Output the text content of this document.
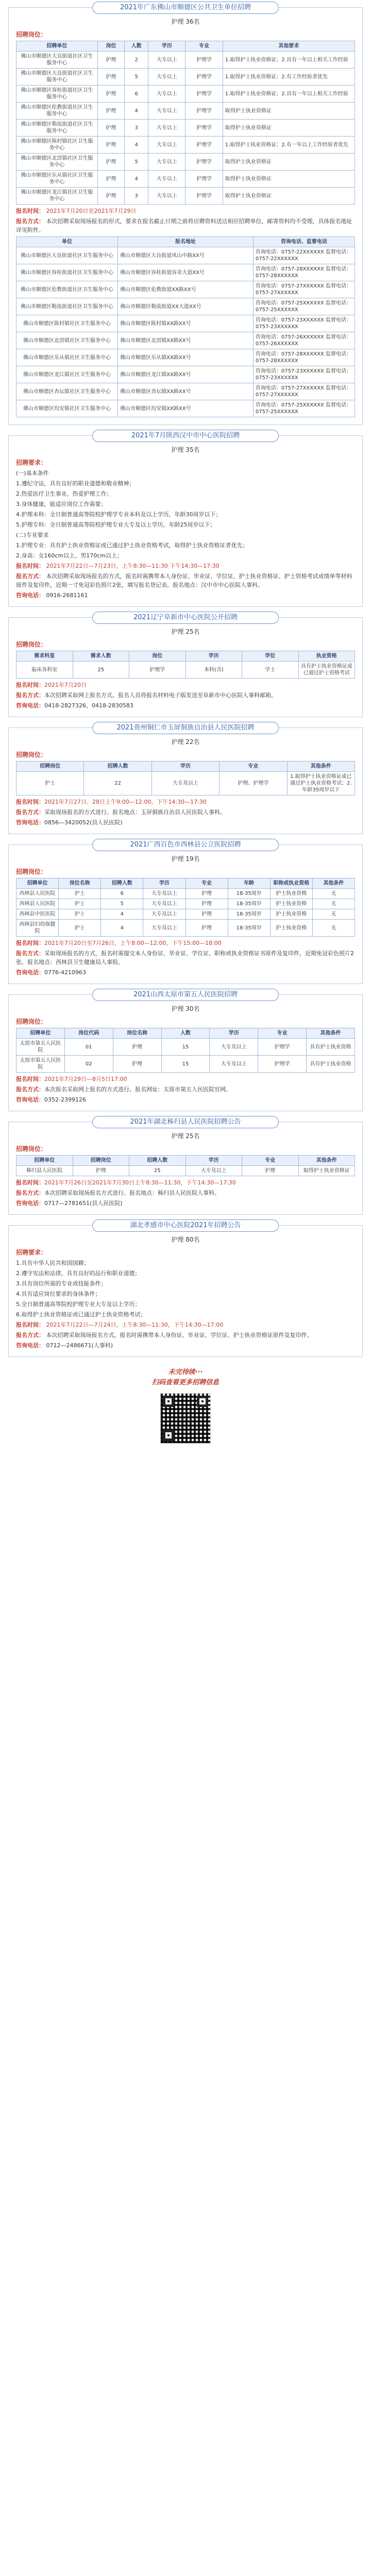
2021年广东佛山市顺德区公共卫生单位招聘
护理 36名
招聘岗位：
招聘单位	岗位	人数	学历	专业	其他要求
佛山市顺德区大良街道社区卫生服务中心	护理	2	大专以上	护理学	1.取得护士执业资格证；2.具有一年以上相关工作经验
佛山市顺德区大良街道社区卫生服务中心	护理	5	大专以上	护理学	1.取得护士执业资格证；2.有工作经验者优先
佛山市顺德区容桂街道社区卫生服务中心	护理	6	大专以上	护理学	1.取得护士执业资格证；2.具有一年以上相关工作经验
佛山市顺德区伦教街道社区卫生服务中心	护理	4	大专以上	护理学	取得护士执业资格证
佛山市顺德区勒流街道社区卫生服务中心	护理	3	大专以上	护理学	取得护士执业资格证
佛山市顺德区陈村镇社区卫生服务中心	护理	4	大专以上	护理学	1.取得护士执业资格证；2.有一年以上工作经验者优先
佛山市顺德区北滘镇社区卫生服务中心	护理	5	大专以上	护理学	取得护士执业资格证
佛山市顺德区乐从镇社区卫生服务中心	护理	4	大专以上	护理学	取得护士执业资格证
佛山市顺德区龙江镇社区卫生服务中心	护理	3	大专以上	护理学	取得护士执业资格证
报名时间： 2021年7月20日至2021年7月29日
报名方式： 本次招聘采取现场报名的形式，要求在报名截止日期之前将应聘资料送达相应招聘单位，邮寄资料均不受理，具体报名地址详见附件。
单位	报名地址	咨询电话、监督电话
佛山市顺德区大良街道社区卫生服务中心	佛山市顺德区大良街道凤山中路XX号	咨询电话：0757-22XXXXXX 监督电话：0757-22XXXXXX
佛山市顺德区容桂街道社区卫生服务中心	佛山市顺德区容桂街道容奇大道XX号	咨询电话：0757-28XXXXXX 监督电话：0757-28XXXXXX
佛山市顺德区伦教街道社区卫生服务中心	佛山市顺德区伦教街道XX路XX号	咨询电话：0757-27XXXXXX 监督电话：0757-27XXXXXX
佛山市顺德区勒流街道社区卫生服务中心	佛山市顺德区勒流街道XX大道XX号	咨询电话：0757-25XXXXXX 监督电话：0757-25XXXXXX
佛山市顺德区陈村镇社区卫生服务中心	佛山市顺德区陈村镇XX路XX号	咨询电话：0757-23XXXXXX 监督电话：0757-23XXXXXX
佛山市顺德区北滘镇社区卫生服务中心	佛山市顺德区北滘镇XX路XX号	咨询电话：0757-26XXXXXX 监督电话：0757-26XXXXXX
佛山市顺德区乐从镇社区卫生服务中心	佛山市顺德区乐从镇XX路XX号	咨询电话：0757-28XXXXXX 监督电话：0757-28XXXXXX
佛山市顺德区龙江镇社区卫生服务中心	佛山市顺德区龙江镇XX路XX号	咨询电话：0757-23XXXXXX 监督电话：0757-23XXXXXX
佛山市顺德区杏坛镇社区卫生服务中心	佛山市顺德区杏坛镇XX路XX号	咨询电话：0757-27XXXXXX 监督电话：0757-27XXXXXX
佛山市顺德区均安镇社区卫生服务中心	佛山市顺德区均安镇XX路XX号	咨询电话：0757-25XXXXXX 监督电话：0757-25XXXXXX
2021年7月陕西汉中市中心医院招聘
护理 35名
招聘要求：
(一)基本条件
1.遵纪守法，具有良好的职业道德和敬业精神；
2.热爱医疗卫生事业，热爱护理工作；
3.身体健康，能适应岗位工作需要；
4.护理本科：全日制普通高等院校护理学专业本科及以上学历，年龄30周岁以下；
5.护理专科：全日制普通高等院校护理专业大专及以上学历，年龄25周岁以下；
(二)专业要求
1.护理专业：具有护士执业资格证或已通过护士执业资格考试，取得护士执业资格证者优先；
2.身高：女160cm以上，男170cm以上；
报名时间： 2021年7月22日—7月23日，上午8:30—11:30 下午14:30—17:30
报名方式： 本次招聘采取现场报名的方式，报名时需携带本人身份证、毕业证、学位证、护士执业资格证、护士资格考试成绩单等材料原件及复印件，近期一寸免冠彩色照片2张，填写报名登记表。报名地点：汉中市中心医院人事科。
咨询电话： 0916-2681161
2021辽宁阜新市中心医院公开招聘
护理 25名
招聘岗位：
需求科室	需求人数	岗位	学历	学位	执业资格
临床各科室	25	护理学	本科(含)	学士	具有护士执业资格证或已通过护士资格考试
报名时间：2021年7月20日
报名方式：本次招聘采取网上报名方式。报名人员将报名材料电子版发送至阜新市中心医院人事科邮箱。
咨询电话：0418-2827326、0418-2830583
2021贵州铜仁市玉屏侗族自治县人民医院招聘
护理 22名
招聘岗位：
招聘岗位	招聘人数	学历	专业	其他条件
护士	22	大专及以上	护理、护理学	1.取得护士执业资格证或已通过护士执业资格考试；2.年龄35周岁以下
报名时间：2021年7月27日、28日上午9:00—12:00，下午14:30—17:30
报名方式：采取现场报名的方式进行。报名地点：玉屏侗族自治县人民医院人事科。
咨询电话：0856—3420052(县人民医院)
2021广西百色市西林县公立医院招聘
护理 19名
招聘岗位：
招聘单位	岗位名称	招聘人数	学历	专业	年龄	职称或执业资格	其他条件
西林县人民医院	护士	6	大专及以上	护理	18-35周岁	护士执业资格	无
西林县人民医院	护士	5	大专及以上	护理	18-35周岁	护士执业资格	无
西林县中医医院	护士	4	大专及以上	护理	18-35周岁	护士执业资格	无
西林县妇幼保健院	护士	4	大专及以上	护理	18-35周岁	护士执业资格	无
报名时间：2021年7月20日至7月26日，上午8:00—12:00，下午15:00—18:00
报名方式：采取现场报名的方式，报名时需提交本人身份证、毕业证、学位证、职称或执业资格证书原件及复印件，近期免冠彩色照片2张。报名地点：西林县卫生健康局人事股。
咨询电话：0776-4210963
2021山西太原市第五人民医院招聘
护理 30名
招聘岗位：
招聘单位	岗位代码	岗位名称	人数	学历	专业	其他条件
太原市第五人民医院	01	护理	15	大专及以上	护理学	具有护士执业资格
太原市第五人民医院	02	护理	15	大专及以上	护理学	具有护士执业资格
报名时间：2021年7月29日—8月5日17:00
报名方式：本次报名采取网上报名的方式进行。报名网址：太原市第五人民医院官网。
咨询电话：0352-2399126
2021年湖北秭归县人民医院招聘公告
护理 25名
招聘岗位：
招聘单位	招聘岗位	招聘人数	学历	专业	其他条件
秭归县人民医院	护理	25	大专及以上	护理	取得护士执业资格证
报名时间：2021年7月26日至2021年7月30日上午8:30—11:30，下午14:30—17:30
报名方式：本次招聘采取现场报名方式进行。报名地点：秭归县人民医院人事科。
咨询电话：0717—2781651(县人民医院)
湖北孝感市中心医院2021年招聘公告
护理 80名
招聘要求：
1.具有中华人民共和国国籍；
2.遵守宪法和法律，具有良好的品行和职业道德；
3.具有岗位所需的专业或技能条件；
4.具有适应岗位要求的身体条件；
5.全日制普通高等院校护理专业大专及以上学历；
6.取得护士执业资格证或已通过护士执业资格考试；
报名时间： 2021年7月22日—7月24日，上午8:30—11:30，下午14:30—17:00
报名方式： 本次招聘采取现场报名方式，报名时需携带本人身份证、毕业证、学位证、护士执业资格证原件及复印件。
咨询电话： 0712—2486671(人事科)
未完待续···
扫码查看更多招聘信息
